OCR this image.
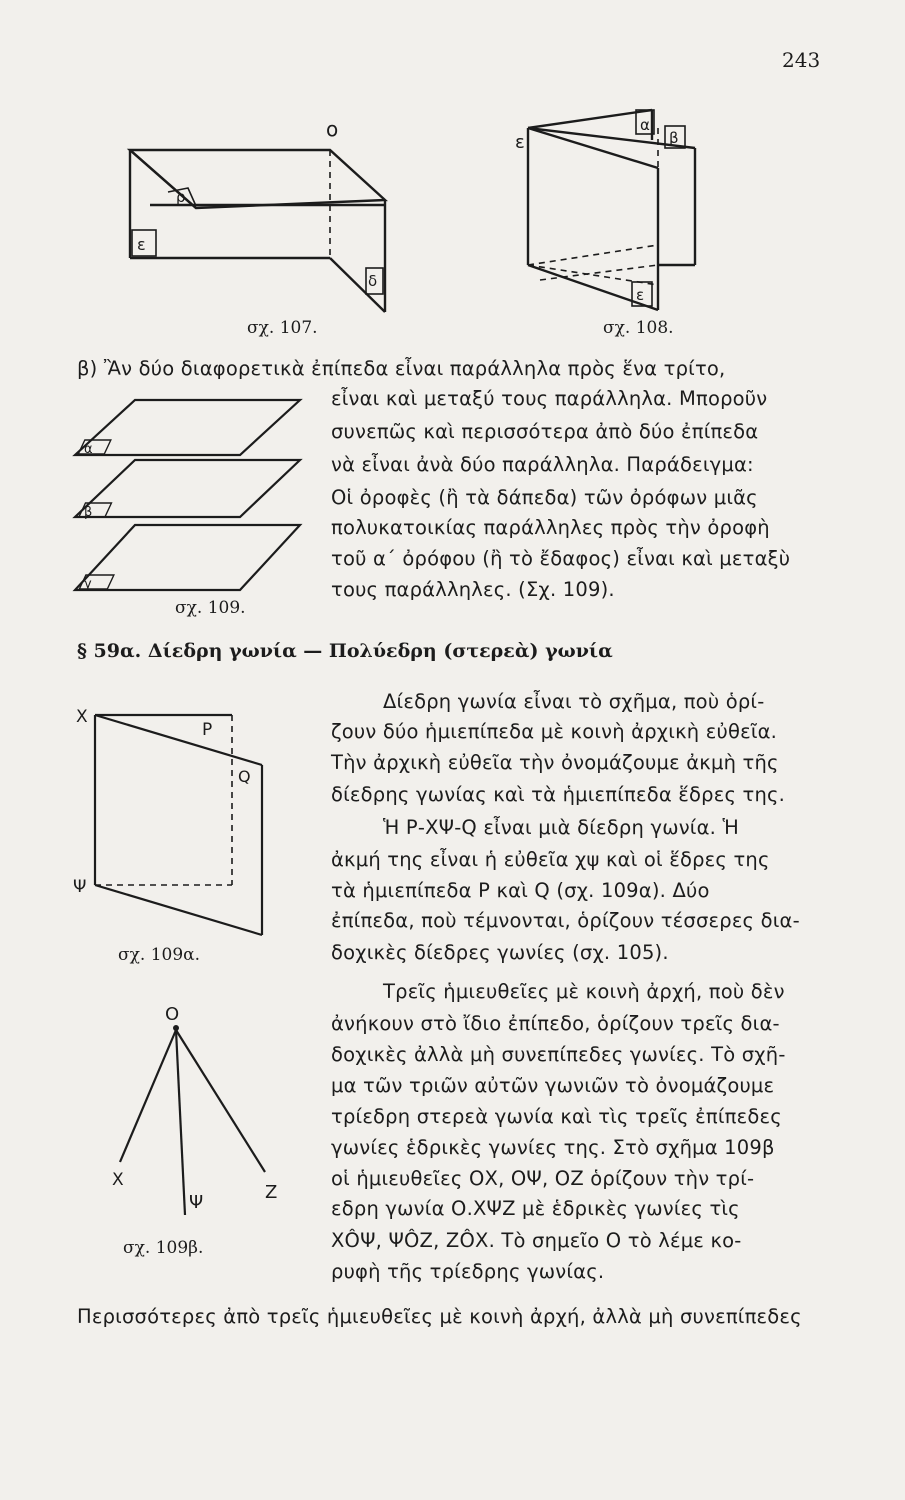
243
ο
ε
ρ
δ
σχ. 107.
ε
α
β
ε
σχ. 108.
β) Ἂν δύο διαφορετικὰ ἐπίπεδα εἶναι παράλληλα πρὸς ἕνα τρίτο,
εἶναι καὶ μεταξύ τους παράλληλα. Μποροῦν
συνεπῶς καὶ περισσότερα ἀπὸ δύο ἐπίπεδα
νὰ εἶναι ἀνὰ δύο παράλληλα. Παράδειγμα:
Οἱ ὀροφὲς (ἢ τὰ δάπεδα) τῶν ὀρόφων μιᾶς
πολυκατοικίας παράλληλες πρὸς τὴν ὀροφὴ
τοῦ α΄ ὀρόφου (ἢ τὸ ἔδαφος) εἶναι καὶ μεταξὺ
τους παράλληλες. (Σχ. 109).
α
β
γ
σχ. 109.
§ 59α. Δίεδρη γωνία — Πολύεδρη (στερεὰ) γωνία
Χ
Ρ
Q
Ψ
σχ. 109α.
Δίεδρη γωνία εἶναι τὸ σχῆμα, ποὺ ὁρί-
ζουν δύο ἡμιεπίπεδα μὲ κοινὴ ἀρχικὴ εὐθεῖα.
Τὴν ἀρχικὴ εὐθεῖα τὴν ὀνομάζουμε ἀκμὴ τῆς
δίεδρης γωνίας καὶ τὰ ἡμιεπίπεδα ἕδρες της.
Ἡ Ρ-ΧΨ-Q εἶναι μιὰ δίεδρη γωνία. Ἡ
ἀκμή της εἶναι ἡ εὐθεῖα χψ καὶ οἱ ἕδρες της
τὰ ἡμιεπίπεδα Ρ καὶ Q (σχ. 109α). Δύο
ἐπίπεδα, ποὺ τέμνονται, ὁρίζουν τέσσερες δια-
δοχικὲς δίεδρες γωνίες (σχ. 105).
Ο
Χ
Ψ	Ζ
σχ. 109β.
Τρεῖς ἡμιευθεῖες μὲ κοινὴ ἀρχή, ποὺ δὲν
ἀνήκουν στὸ ἴδιο ἐπίπεδο, ὁρίζουν τρεῖς δια-
δοχικὲς ἀλλὰ μὴ συνεπίπεδες γωνίες. Τὸ σχῆ-
μα τῶν τριῶν αὐτῶν γωνιῶν τὸ ὀνομάζουμε
τρίεδρη στερεὰ γωνία καὶ τὶς τρεῖς ἐπίπεδες
γωνίες ἑδρικὲς γωνίες της. Στὸ σχῆμα 109β
οἱ ἡμιευθεῖες ΟΧ, ΟΨ, ΟΖ ὁρίζουν τὴν τρί-
εδρη γωνία Ο.ΧΨΖ μὲ ἑδρικὲς γωνίες τὶς
ΧÔΨ, ΨÔΖ, ΖÔΧ. Τὸ σημεῖο Ο τὸ λέμε κο-
ρυφὴ τῆς τρίεδρης γωνίας.
Περισσότερες ἀπὸ τρεῖς ἡμιευθεῖες μὲ κοινὴ ἀρχή, ἀλλὰ μὴ συνεπίπεδες
